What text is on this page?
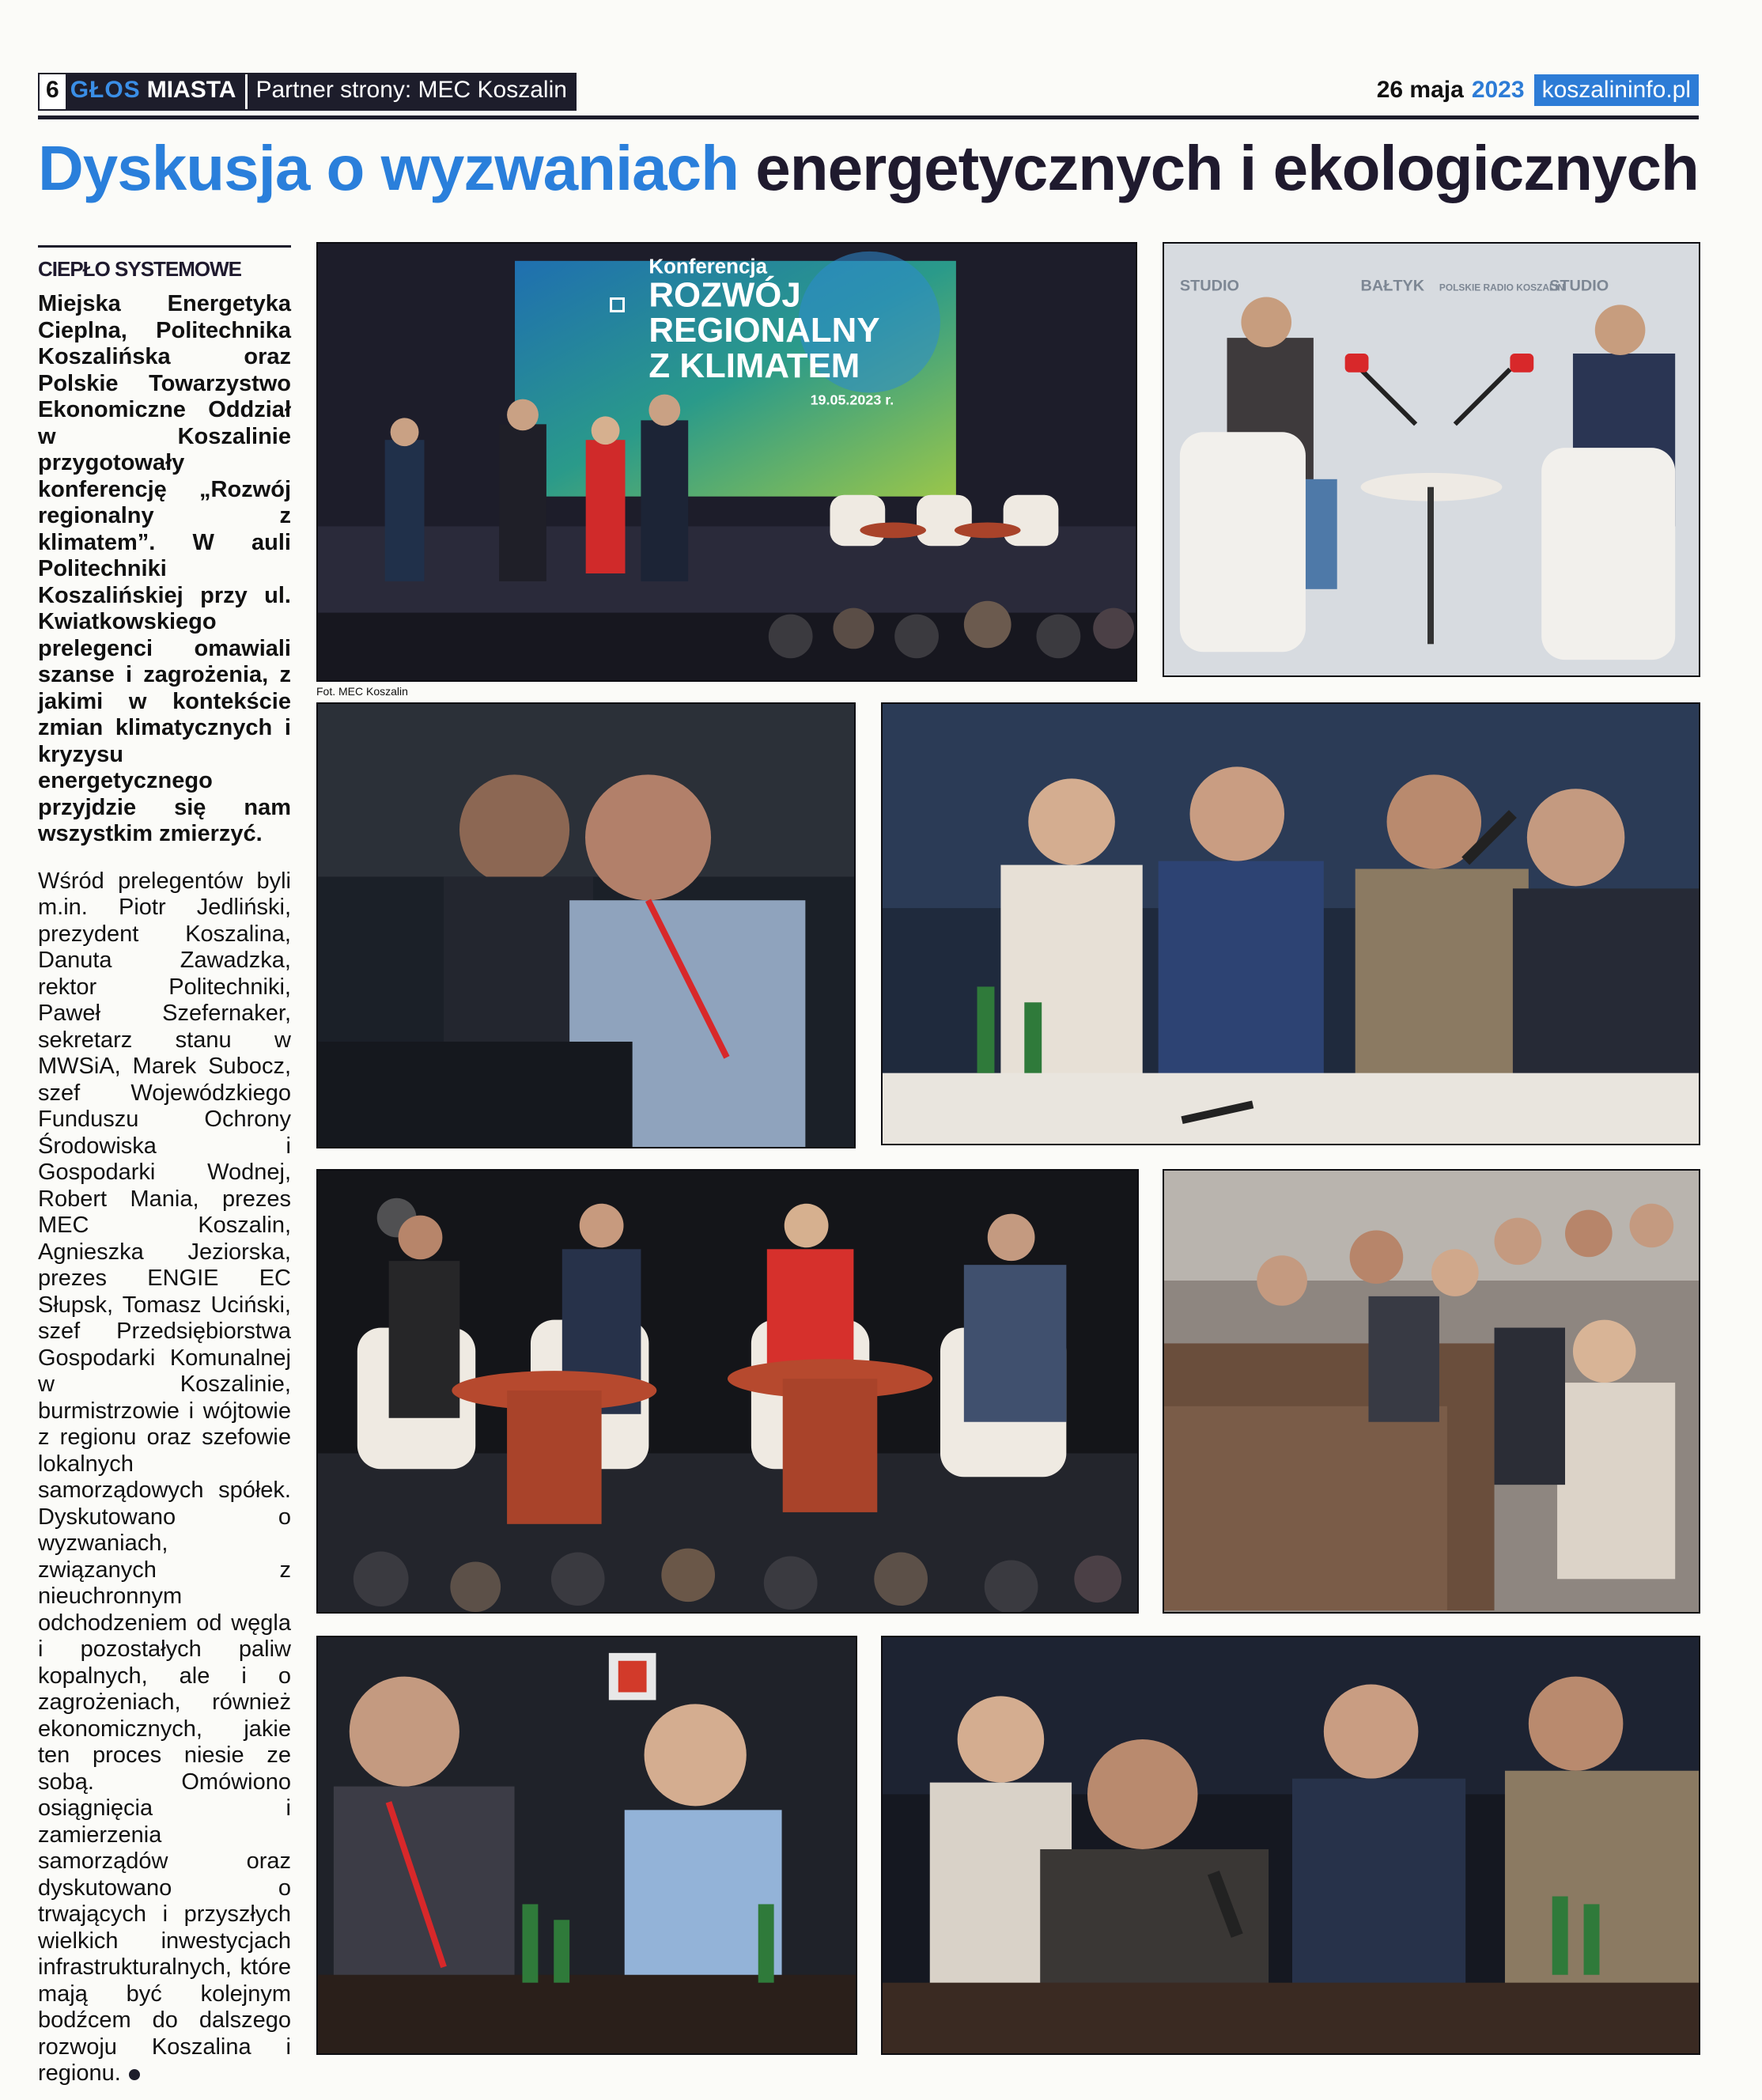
6 GŁOS MIASTA Partner strony: MEC Koszalin	26 maja 2023 koszalininfo.pl
Dyskusja o wyzwaniach energetycznych i ekologicznych
CIEPŁO SYSTEMOWE
Miejska Energetyka Cieplna, Politechnika Koszalińska oraz Polskie Towarzystwo Ekonomiczne Oddział w Koszalinie przygotowały konferencję „Rozwój regionalny z klimatem”. W auli Politechniki Koszalińskiej przy ul. Kwiatkowskiego prelegenci omawiali szanse i zagrożenia, z jakimi w kontekście zmian klimatycznych i kryzysu energetycznego przyjdzie się nam wszystkim zmierzyć.
Wśród prelegentów byli m.in. Piotr Jedliński, prezydent Koszalina, Danuta Zawadzka, rektor Politechniki, Paweł Szefernaker, sekretarz stanu w MWSiA, Marek Subocz, szef Wojewódzkiego Funduszu Ochrony Środowiska i Gospodarki Wodnej, Robert Mania, prezes MEC Koszalin, Agnieszka Jeziorska, prezes ENGIE EC Słupsk, Tomasz Uciński, szef Przedsiębiorstwa Gospodarki Komunalnej w Koszalinie, burmistrzowie i wójtowie z regionu oraz szefowie lokalnych samorządowych spółek. Dyskutowano o wyzwaniach, związanych z nieuchronnym odchodzeniem od węgla i pozostałych paliw kopalnych, ale i o zagrożeniach, również ekonomicznych, jakie ten proces niesie ze sobą. Omówiono osiągnięcia i zamierzenia samorządów oraz dyskutowano o trwających i przyszłych wielkich inwestycjach infrastrukturalnych, które mają być kolejnym bodźcem do dalszego rozwoju Koszalina i regionu.
Konferencja
ROZWÓJ
REGIONALNY
Z KLIMATEM
19.05.2023 r.
STUDIO	BAŁTYK POLSKIE RADIO KOSZALIN
STUDIO
Fot. MEC Koszalin
